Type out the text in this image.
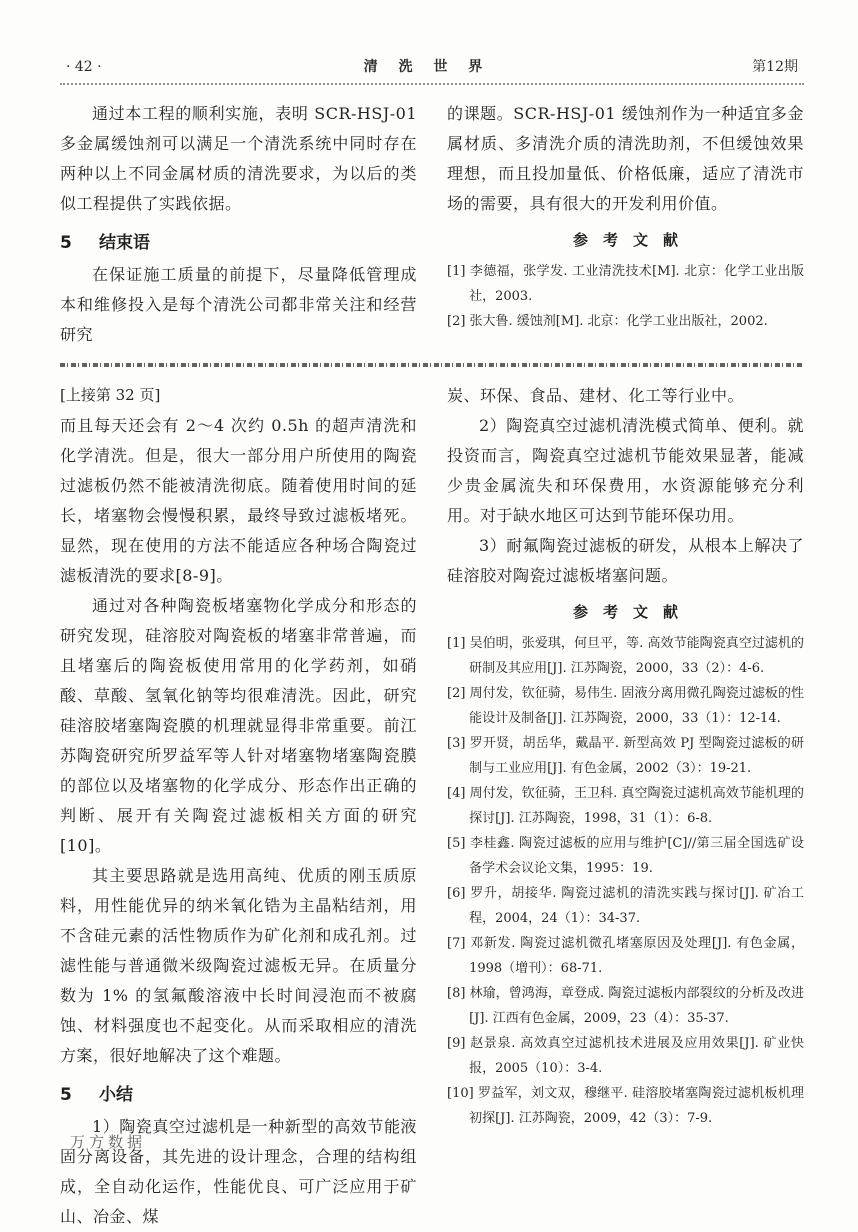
· 42 ·	清 洗 世 界	第12期

通过本工程的顺利实施，表明 SCR-HSJ-01 多金属缓蚀剂可以满足一个清洗系统中同时存在两种以上不同金属材质的清洗要求，为以后的类似工程提供了实践依据。

5 结束语

在保证施工质量的前提下，尽量降低管理成本和维修投入是每个清洗公司都非常关注和经营研究

的课题。SCR-HSJ-01 缓蚀剂作为一种适宜多金属材质、多清洗介质的清洗助剂，不但缓蚀效果理想，而且投加量低、价格低廉，适应了清洗市场的需要，具有很大的开发利用价值。

参　考　文　献

[1] 李德福，张学发. 工业清洗技术[M]. 北京：化学工业出版社，2003.

[2] 张大鲁. 缓蚀剂[M]. 北京：化学工业出版社，2002.

[上接第 32 页]

而且每天还会有 2～4 次约 0.5h 的超声清洗和化学清洗。但是，很大一部分用户所使用的陶瓷过滤板仍然不能被清洗彻底。随着使用时间的延长，堵塞物会慢慢积累，最终导致过滤板堵死。显然，现在使用的方法不能适应各种场合陶瓷过滤板清洗的要求[8-9]。

通过对各种陶瓷板堵塞物化学成分和形态的研究发现，硅溶胶对陶瓷板的堵塞非常普遍，而且堵塞后的陶瓷板使用常用的化学药剂，如硝酸、草酸、氢氧化钠等均很难清洗。因此，研究硅溶胶堵塞陶瓷膜的机理就显得非常重要。前江苏陶瓷研究所罗益军等人针对堵塞物堵塞陶瓷膜的部位以及堵塞物的化学成分、形态作出正确的判断、展开有关陶瓷过滤板相关方面的研究[10]。

其主要思路就是选用高纯、优质的刚玉质原料，用性能优异的纳米氧化锆为主晶粘结剂，用不含硅元素的活性物质作为矿化剂和成孔剂。过滤性能与普通微米级陶瓷过滤板无异。在质量分数为 1% 的氢氟酸溶液中长时间浸泡而不被腐蚀、材料强度也不起变化。从而采取相应的清洗方案，很好地解决了这个难题。

5 小结

1）陶瓷真空过滤机是一种新型的高效节能液固分离设备，其先进的设计理念，合理的结构组成，全自动化运作，性能优良、可广泛应用于矿山、冶金、煤

炭、环保、食品、建材、化工等行业中。

2）陶瓷真空过滤机清洗模式简单、便利。就投资而言，陶瓷真空过滤机节能效果显著，能减少贵金属流失和环保费用，水资源能够充分利用。对于缺水地区可达到节能环保功用。

3）耐氟陶瓷过滤板的研发，从根本上解决了硅溶胶对陶瓷过滤板堵塞问题。

参　考　文　献

[1] 吴伯明，张爱琪，何旦平，等. 高效节能陶瓷真空过滤机的研制及其应用[J]. 江苏陶瓷，2000，33（2）：4-6.

[2] 周付发，钦征骑，易伟生. 固液分离用微孔陶瓷过滤板的性能设计及制备[J]. 江苏陶瓷，2000，33（1）：12-14.

[3] 罗开贤，胡岳华，戴晶平. 新型高效 PJ 型陶瓷过滤板的研制与工业应用[J]. 有色金属，2002（3）：19-21.

[4] 周付发，钦征骑，王卫科. 真空陶瓷过滤机高效节能机理的探讨[J]. 江苏陶瓷，1998，31（1）：6-8.

[5] 李桂鑫. 陶瓷过滤板的应用与维护[C]//第三届全国选矿设备学术会议论文集，1995：19.

[6] 罗升，胡接华. 陶瓷过滤机的清洗实践与探讨[J]. 矿冶工程，2004，24（1）：34-37.

[7] 邓新发. 陶瓷过滤机微孔堵塞原因及处理[J]. 有色金属，1998（增刊）：68-71.

[8] 林瑜，曾鸿海，章登成. 陶瓷过滤板内部裂纹的分析及改进[J]. 江西有色金属，2009，23（4）：35-37.

[9] 赵景泉. 高效真空过滤机技术进展及应用效果[J]. 矿业快报，2005（10）：3-4.

[10] 罗益军，刘文双，穆继平. 硅溶胶堵塞陶瓷过滤机板机理初探[J]. 江苏陶瓷，2009，42（3）：7-9.

万方数据
